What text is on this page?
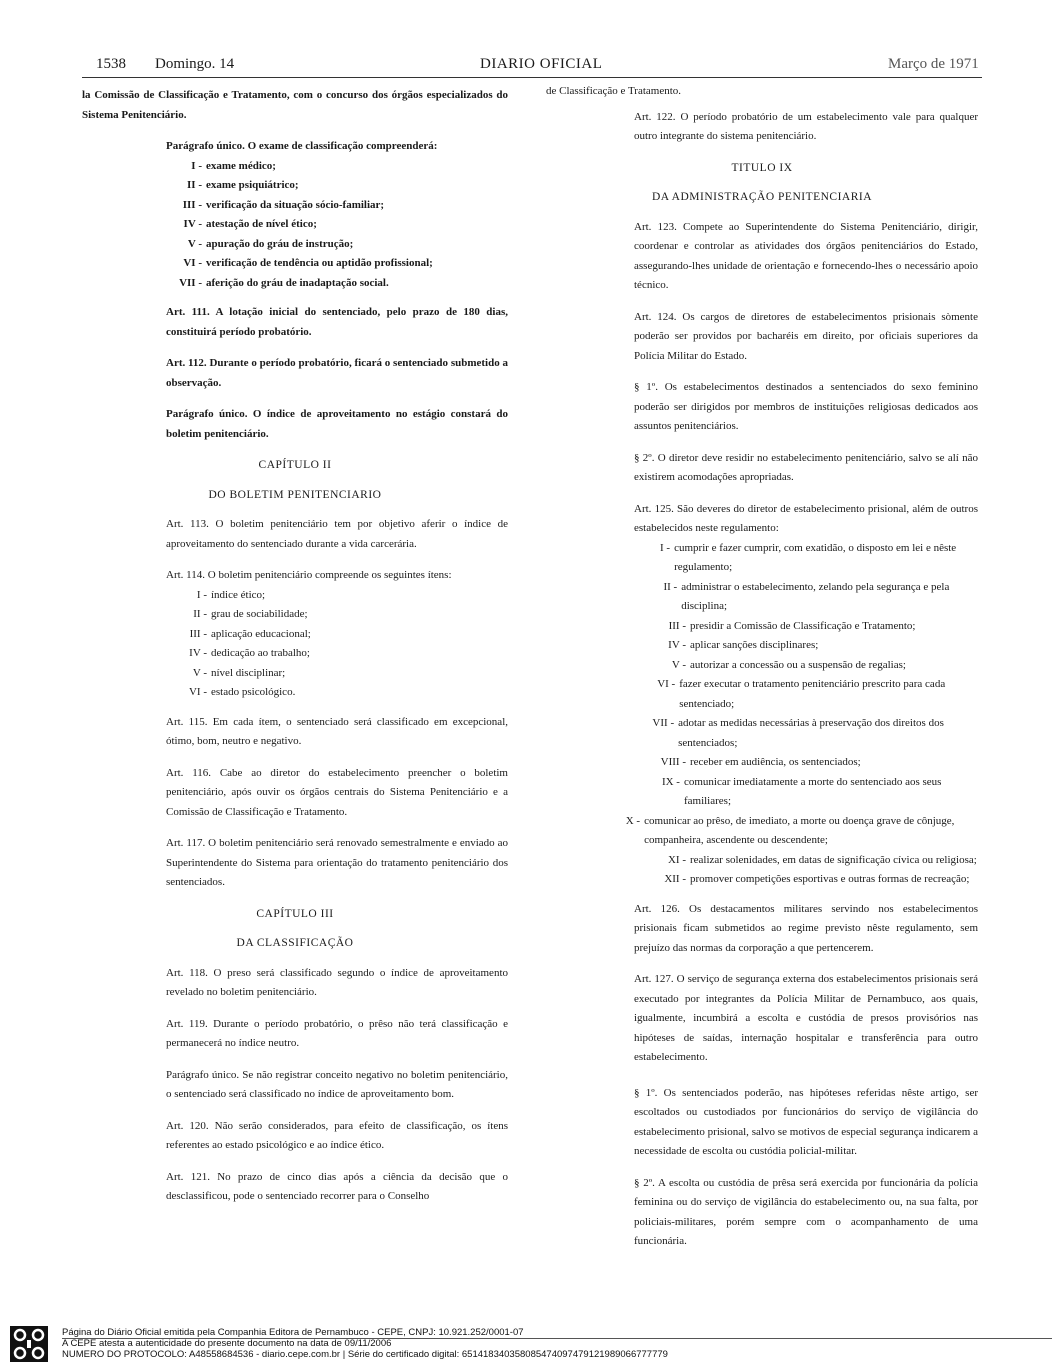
1538 Domingo. 14	DIARIO OFICIAL	Março de 1971

la Comissão de Classificação e Tratamento, com o concurso dos órgãos especializados do Sistema Penitenciário.

Parágrafo único. O exame de classificação compreenderá:

I - exame médico;
II - exame psiquiátrico;
III - verificação da situação sócio-familiar;
IV - atestação de nível ético;
V - apuração do gráu de instrução;
VI - verificação de tendência ou aptidão profissional;
VII - aferição do gráu de inadaptação social.

Art. 111. A lotação inicial do sentenciado, pelo prazo de 180 dias, constituirá período probatório.

Art. 112. Durante o período probatório, ficará o sentenciado submetido a observação.

Parágrafo único. O índice de aproveitamento no estágio constará do boletim penitenciário.

CAPÍTULO II
DO BOLETIM PENITENCIARIO

Art. 113. O boletim penitenciário tem por objetivo aferir o índice de aproveitamento do sentenciado durante a vida carcerária.

Art. 114. O boletim penitenciário compreende os seguintes ítens:

I - índice ético;
II - grau de sociabilidade;
III - aplicação educacional;
IV - dedicação ao trabalho;
V - nível disciplinar;
VI - estado psicológico.

Art. 115. Em cada ítem, o sentenciado será classificado em excepcional, ótimo, bom, neutro e negativo.

Art. 116. Cabe ao diretor do estabelecimento preencher o boletim penitenciário, após ouvir os órgãos centrais do Sistema Penitenciário e a Comissão de Classificação e Tratamento.

Art. 117. O boletim penitenciário será renovado semestralmente e enviado ao Superintendente do Sistema para orientação do tratamento penitenciário dos sentenciados.

CAPÍTULO III
DA CLASSIFICAÇÃO

Art. 118. O preso será classificado segundo o índice de aproveitamento revelado no boletim penitenciário.

Art. 119. Durante o período probatório, o prêso não terá classificação e permanecerá no índice neutro.

Parágrafo único. Se não registrar conceito negativo no boletim penitenciário, o sentenciado será classificado no índice de aproveitamento bom.

Art. 120. Não serão considerados, para efeito de classificação, os ítens referentes ao estado psicológico e ao índice ético.

Art. 121. No prazo de cinco dias após a ciência da decisão que o desclassificou, pode o sentenciado recorrer para o Conselho

de Classificação e Tratamento.

Art. 122. O período probatório de um estabelecimento vale para qualquer outro integrante do sistema penitenciário.

TITULO IX
DA ADMINISTRAÇÃO PENITENCIARIA

Art. 123. Compete ao Superintendente do Sistema Penitenciário, dirigir, coordenar e controlar as atividades dos órgãos penitenciários do Estado, assegurando-lhes unidade de orientação e fornecendo-lhes o necessário apoio técnico.

Art. 124. Os cargos de diretores de estabelecimentos prisionais sòmente poderão ser providos por bacharéis em direito, por oficiais superiores da Polícia Militar do Estado.

§ 1º. Os estabelecimentos destinados a sentenciados do sexo feminino poderão ser dirigidos por membros de instituições religiosas dedicados aos assuntos penitenciários.

§ 2º. O diretor deve residir no estabelecimento penitenciário, salvo se alí não existirem acomodações apropriadas.

Art. 125. São deveres do diretor de estabelecimento prisional, além de outros estabelecidos neste regulamento:

I - cumprir e fazer cumprir, com exatidão, o disposto em lei e nêste regulamento;
II - administrar o estabelecimento, zelando pela segurança e pela disciplina;
III - presidir a Comissão de Classificação e Tratamento;
IV - aplicar sanções disciplinares;
V - autorizar a concessão ou a suspensão de regalias;
VI - fazer executar o tratamento penitenciário prescrito para cada sentenciado;
VII - adotar as medidas necessárias à preservação dos direitos dos sentenciados;
VIII - receber em audiência, os sentenciados;
IX - comunicar imediatamente a morte do sentenciado aos seus familiares;
X - comunicar ao prêso, de imediato, a morte ou doença grave de cônjuge, companheira, ascendente ou descendente;
XI - realizar solenidades, em datas de significação cívica ou religiosa;
XII - promover competições esportivas e outras formas de recreação;

Art. 126. Os destacamentos militares servindo nos estabelecimentos prisionais ficam submetidos ao regime previsto nêste regulamento, sem prejuízo das normas da corporação a que pertencerem.

Art. 127. O serviço de segurança externa dos estabelecimentos prisionais será executado por integrantes da Polícia Militar de Pernambuco, aos quais, igualmente, incumbirá a escolta e custódia de presos provisórios nas hipóteses de saídas, internação hospitalar e transferência para outro estabelecimento.

§ 1º. Os sentenciados poderão, nas hipóteses referidas nêste artigo, ser escoltados ou custodiados por funcionários do serviço de vigilância do estabelecimento prisional, salvo se motivos de especial segurança indicarem a necessidade de escolta ou custódia policial-militar.

§ 2º. A escolta ou custódia de prêsa será exercida por funcionária da polícia feminina ou do serviço de vigilância do estabelecimento ou, na sua falta, por policiais-militares, porém sempre com o acompanhamento de uma funcionária.

Página do Diário Oficial emitida pela Companhia Editora de Pernambuco - CEPE, CNPJ: 10.921.252/0001-07
A CEPE atesta a autenticidade do presente documento na data de 09/11/2006
NUMERO DO PROTOCOLO: A48558684536 - diario.cepe.com.br | Série do certificado digital: 651418340358085474097479121989066777779
